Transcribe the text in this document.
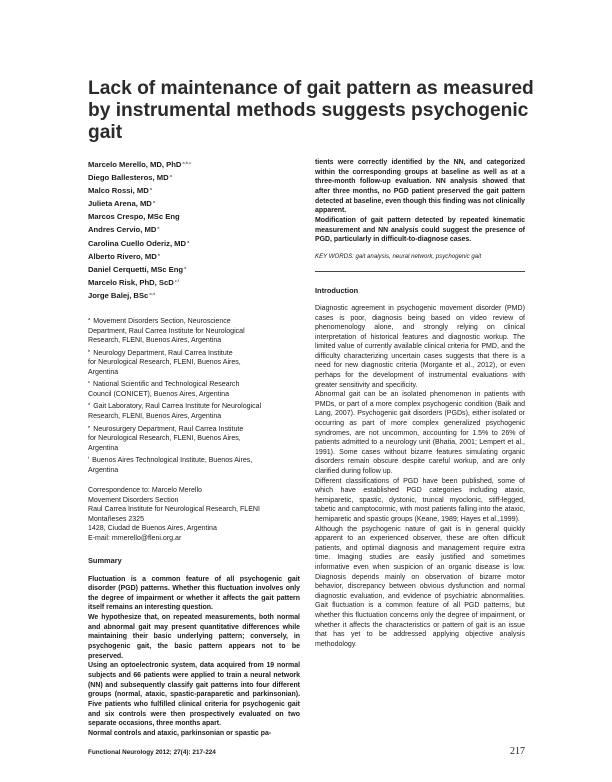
Lack of maintenance of gait pattern as measured by instrumental methods suggests psychogenic gait
Marcelo Merello, MD, PhD$^{a,b,c}$
Diego Ballesteros, $MD^a$
Malco Rossi, $MD^a$
Julieta Arena, $MD^a$
Marcos Crespo, MSc Eng
Andres Cervio, MDe
Carolina Cuello Oderiz, $MD^a$
Alberto Rivero, $MD^b$
Daniel Cerquetti, MSc Eng$^d$
Marcelo Risk, PhD, ScD$^{c,f}$
Jorge Balej, BSc$^{a,d}$
$^a$ Movement Disorders Section, Neuroscience
Department, Raul Carrea Institute for Neurological
Research, FLENI, Buenos Aires, Argentina
$^b$ Neurology Department, Raul Carrea Institute
for Neurological Research, FLENI, Buenos Aires,
Argentina
$^c$ National Scientific and Technological Research
Council (CONICET), Buenos Aires, Argentina
$^d$ Gait Laboratory, Raul Carrea Institute for Neurological
Research, FLENI, Buenos Aires, Argentina
$^e$ Neurosurgery Department, Raul Carrea Institute
for Neurological Research, FLENI, Buenos Aires,
Argentina
$^f$ Buenos Aires Technological Institute, Buenos Aires,
Argentina
Correspondence to: Marcelo Merello
Movement Disorders Section
Raul Carrea Institute for Neurological Research, FLENI
Montañeses 2325
1428, Ciudad de Buenos Aires, Argentina
E-mail: mmerello@fleni.org.ar
Summary

Fluctuation is a common feature of all psychogenic gait disorder (PGD) patterns. Whether this fluctuation involves only the degree of impairment or whether it affects the gait pattern itself remains an interesting question.

We hypothesize that, on repeated measurements, both normal and abnormal gait may present quantitative differences while maintaining their basic underlying pattern; conversely, in psychogenic gait, the basic pattern appears not to be preserved.

Using an optoelectronic system, data acquired from 19 normal subjects and 66 patients were applied to train a neural network (NN) and subsequently classify gait patterns into four different groups (normal, ataxic, spastic-paraparetic and parkinsonian). Five patients who fulfilled clinical criteria for psychogenic gait and six controls were then prospectively evaluated on two separate occasions, three months apart.

Normal controls and ataxic, parkinsonian or spastic pa-

tients were correctly identified by the NN, and categorized within the corresponding groups at baseline as well as at a three-month follow-up evaluation. NN analysis showed that after three months, no PGD patient preserved the gait pattern detected at baseline, even though this finding was not clinically apparent.

Modification of gait pattern detected by repeated kinematic measurement and NN analysis could suggest the presence of PGD, particularly in difficult-to-diagnose cases.

KEY WORDS: gait analysis, neural network, psychogenic gait
Introduction

Diagnostic agreement in psychogenic movement disorder (PMD) cases is poor, diagnosis being based on video review of phenomenology alone, and strongly relying on clinical interpretation of historical features and diagnostic workup. The limited value of currently available clinical criteria for PMD, and the difficulty characterizing uncertain cases suggests that there is a need for new diagnostic criteria (Morgante et al., 2012), or even perhaps for the development of instrumental evaluations with greater sensitivity and specificity.

Abnormal gait can be an isolated phenomenon in patients with PMDs, or part of a more complex psychogenic condition (Baik and Lang, 2007). Psychogenic gait disorders (PGDs), either isolated or occurring as part of more complex generalized psychogenic syndromes, are not uncommon, accounting for 1.5% to 26% of patients admitted to a neurology unit (Bhatia, 2001; Lempert et al., 1991). Some cases without bizarre features simulating organic disorders remain obscure despite careful workup, and are only clarified during follow up.

Different classifications of PGD have been published, some of which have established PGD categories including ataxic, hemiparetic, spastic, dystonic, truncal myoclonic, stiff-legged, tabetic and camptocormic, with most patients falling into the ataxic, hemiparetic and spastic groups (Keane, 1989; Hayes et al.,1999).

Although the psychogenic nature of gait is in general quickly apparent to an experienced observer, these are often difficult patients, and optimal diagnosis and management require extra time. Imaging studies are easily justified and sometimes informative even when suspicion of an organic disease is low. Diagnosis depends mainly on observation of bizarre motor behavior, discrepancy between obvious dysfunction and normal diagnostic evaluation, and evidence of psychiatric abnormalities. Gait fluctuation is a common feature of all PGD patterns, but whether this fluctuation concerns only the degree of impairment, or whether it affects the characteristics or pattern of gait is an issue that has yet to be addressed applying objective analysis methodology.

Functional Neurology 2012; 27(4): 217-224	217
